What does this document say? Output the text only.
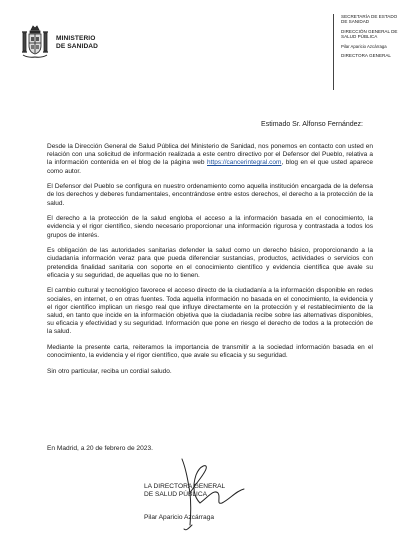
MINISTERIO
DE SANIDAD
SECRETARÍA DE ESTADO
DE SANIDAD
DIRECCIÓN GENERAL DE
SALUD PÚBLICA
Pilar Aparicio Azcárraga
DIRECTORA GENERAL
Estimado Sr. Alfonso Fernández:

Desde la Dirección General de Salud Pública del Ministerio de Sanidad, nos ponemos en contacto con usted en relación con una solicitud de información realizada a este centro directivo por el Defensor del Pueblo, relativa a la información contenida en el blog de la página web https://cancerintegral.com, blog en el que usted aparece como autor.

El Defensor del Pueblo se configura en nuestro ordenamiento como aquella institución encargada de la defensa de los derechos y deberes fundamentales, encontrándose entre estos derechos, el derecho a la protección de la salud.

El derecho a la protección de la salud engloba el acceso a la información basada en el conocimiento, la evidencia y el rigor científico, siendo necesario proporcionar una información rigurosa y contrastada a todos los grupos de interés.

Es obligación de las autoridades sanitarias defender la salud como un derecho básico, proporcionando a la ciudadanía información veraz para que pueda diferenciar sustancias, productos, actividades o servicios con pretendida finalidad sanitaria con soporte en el conocimiento científico y evidencia científica que avale su eficacia y su seguridad, de aquellas que no lo tienen.

El cambio cultural y tecnológico favorece el acceso directo de la ciudadanía a la información disponible en redes sociales, en internet, o en otras fuentes. Toda aquella información no basada en el conocimiento, la evidencia y el rigor científico implican un riesgo real que influye directamente en la protección y el restablecimiento de la salud, en tanto que incide en la información objetiva que la ciudadanía recibe sobre las alternativas disponibles, su eficacia y efectividad y su seguridad. Información que pone en riesgo el derecho de todos a la protección de la salud.

Mediante la presente carta, reiteramos la importancia de transmitir a la sociedad información basada en el conocimiento, la evidencia y el rigor científico, que avale su eficacia y su seguridad.

Sin otro particular, reciba un cordial saludo.

En Madrid, a 20 de febrero de 2023.
LA DIRECTORA GENERAL
DE SALUD PÚBLICA
Pilar Aparicio Azcárraga
